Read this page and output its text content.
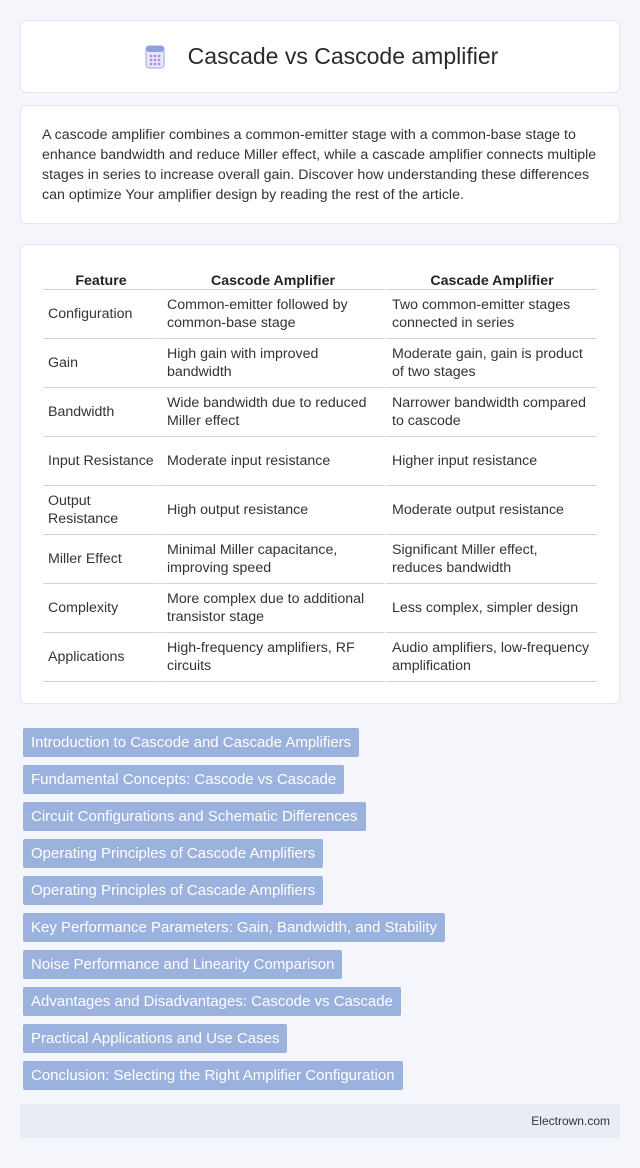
Cascade vs Cascode amplifier

A cascode amplifier combines a common-emitter stage with a common-base stage to enhance bandwidth and reduce Miller effect, while a cascade amplifier connects multiple stages in series to increase overall gain. Discover how understanding these differences can optimize Your amplifier design by reading the rest of the article.

Feature	Cascode Amplifier	Cascade Amplifier
Configuration	Common-emitter followed by common-base stage	Two common-emitter stages connected in series
Gain	High gain with improved bandwidth	Moderate gain, gain is product of two stages
Bandwidth	Wide bandwidth due to reduced Miller effect	Narrower bandwidth compared to cascode
Input Resistance	Moderate input resistance	Higher input resistance
Output Resistance	High output resistance	Moderate output resistance
Miller Effect	Minimal Miller capacitance, improving speed	Significant Miller effect, reduces bandwidth
Complexity	More complex due to additional transistor stage	Less complex, simpler design
Applications	High-frequency amplifiers, RF circuits	Audio amplifiers, low-frequency amplification
Introduction to Cascode and Cascade Amplifiers
Fundamental Concepts: Cascode vs Cascade
Circuit Configurations and Schematic Differences
Operating Principles of Cascode Amplifiers
Operating Principles of Cascade Amplifiers
Key Performance Parameters: Gain, Bandwidth, and Stability
Noise Performance and Linearity Comparison
Advantages and Disadvantages: Cascode vs Cascade
Practical Applications and Use Cases
Conclusion: Selecting the Right Amplifier Configuration
Electrown.com
